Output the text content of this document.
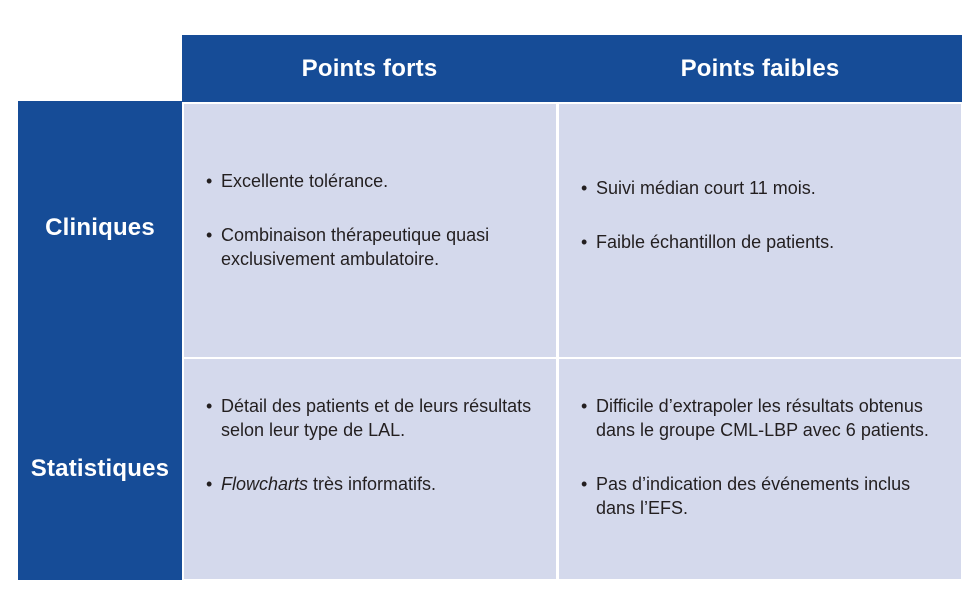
Points forts	Points faibles
Cliniques
Statistiques
• Excellente tolérance.
• Combinaison thérapeutique quasi exclusivement ambulatoire.
• Suivi médian court 11 mois.
• Faible échantillon de patients.
• Détail des patients et de leurs résultats selon leur type de LAL.
• Flowcharts très informatifs.
• Difficile d’extrapoler les résultats obtenus dans le groupe CML-LBP avec 6 patients.
• Pas d’indication des événements inclus dans l’EFS.
